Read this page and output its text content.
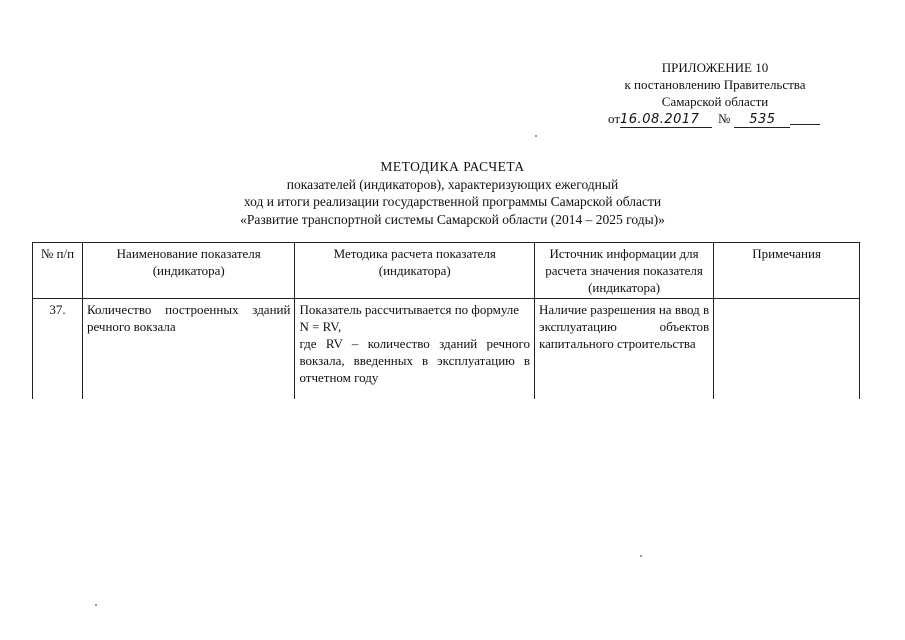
ПРИЛОЖЕНИЕ 10
к постановлению Правительства
Самарской области
от16.08.2017 № 535
МЕТОДИКА РАСЧЕТА
показателей (индикаторов), характеризующих ежегодный
ход и итоги реализации государственной программы Самарской области
«Развитие транспортной системы Самарской области (2014 – 2025 годы)»
№ п/п	Наименование показателя (индикатора)	Методика расчета показателя (индикатора)	Источник информации для расчета значения показателя (индикатора)	Примечания
37.	Количество построенных зданий речного вокзала	Показатель рассчитывается по формуле
N = RV,
где RV – количество зданий речного вокзала, введенных в эксплуатацию в отчетном году	Наличие разрешения на ввод в эксплуатацию объектов капитального строительства	
